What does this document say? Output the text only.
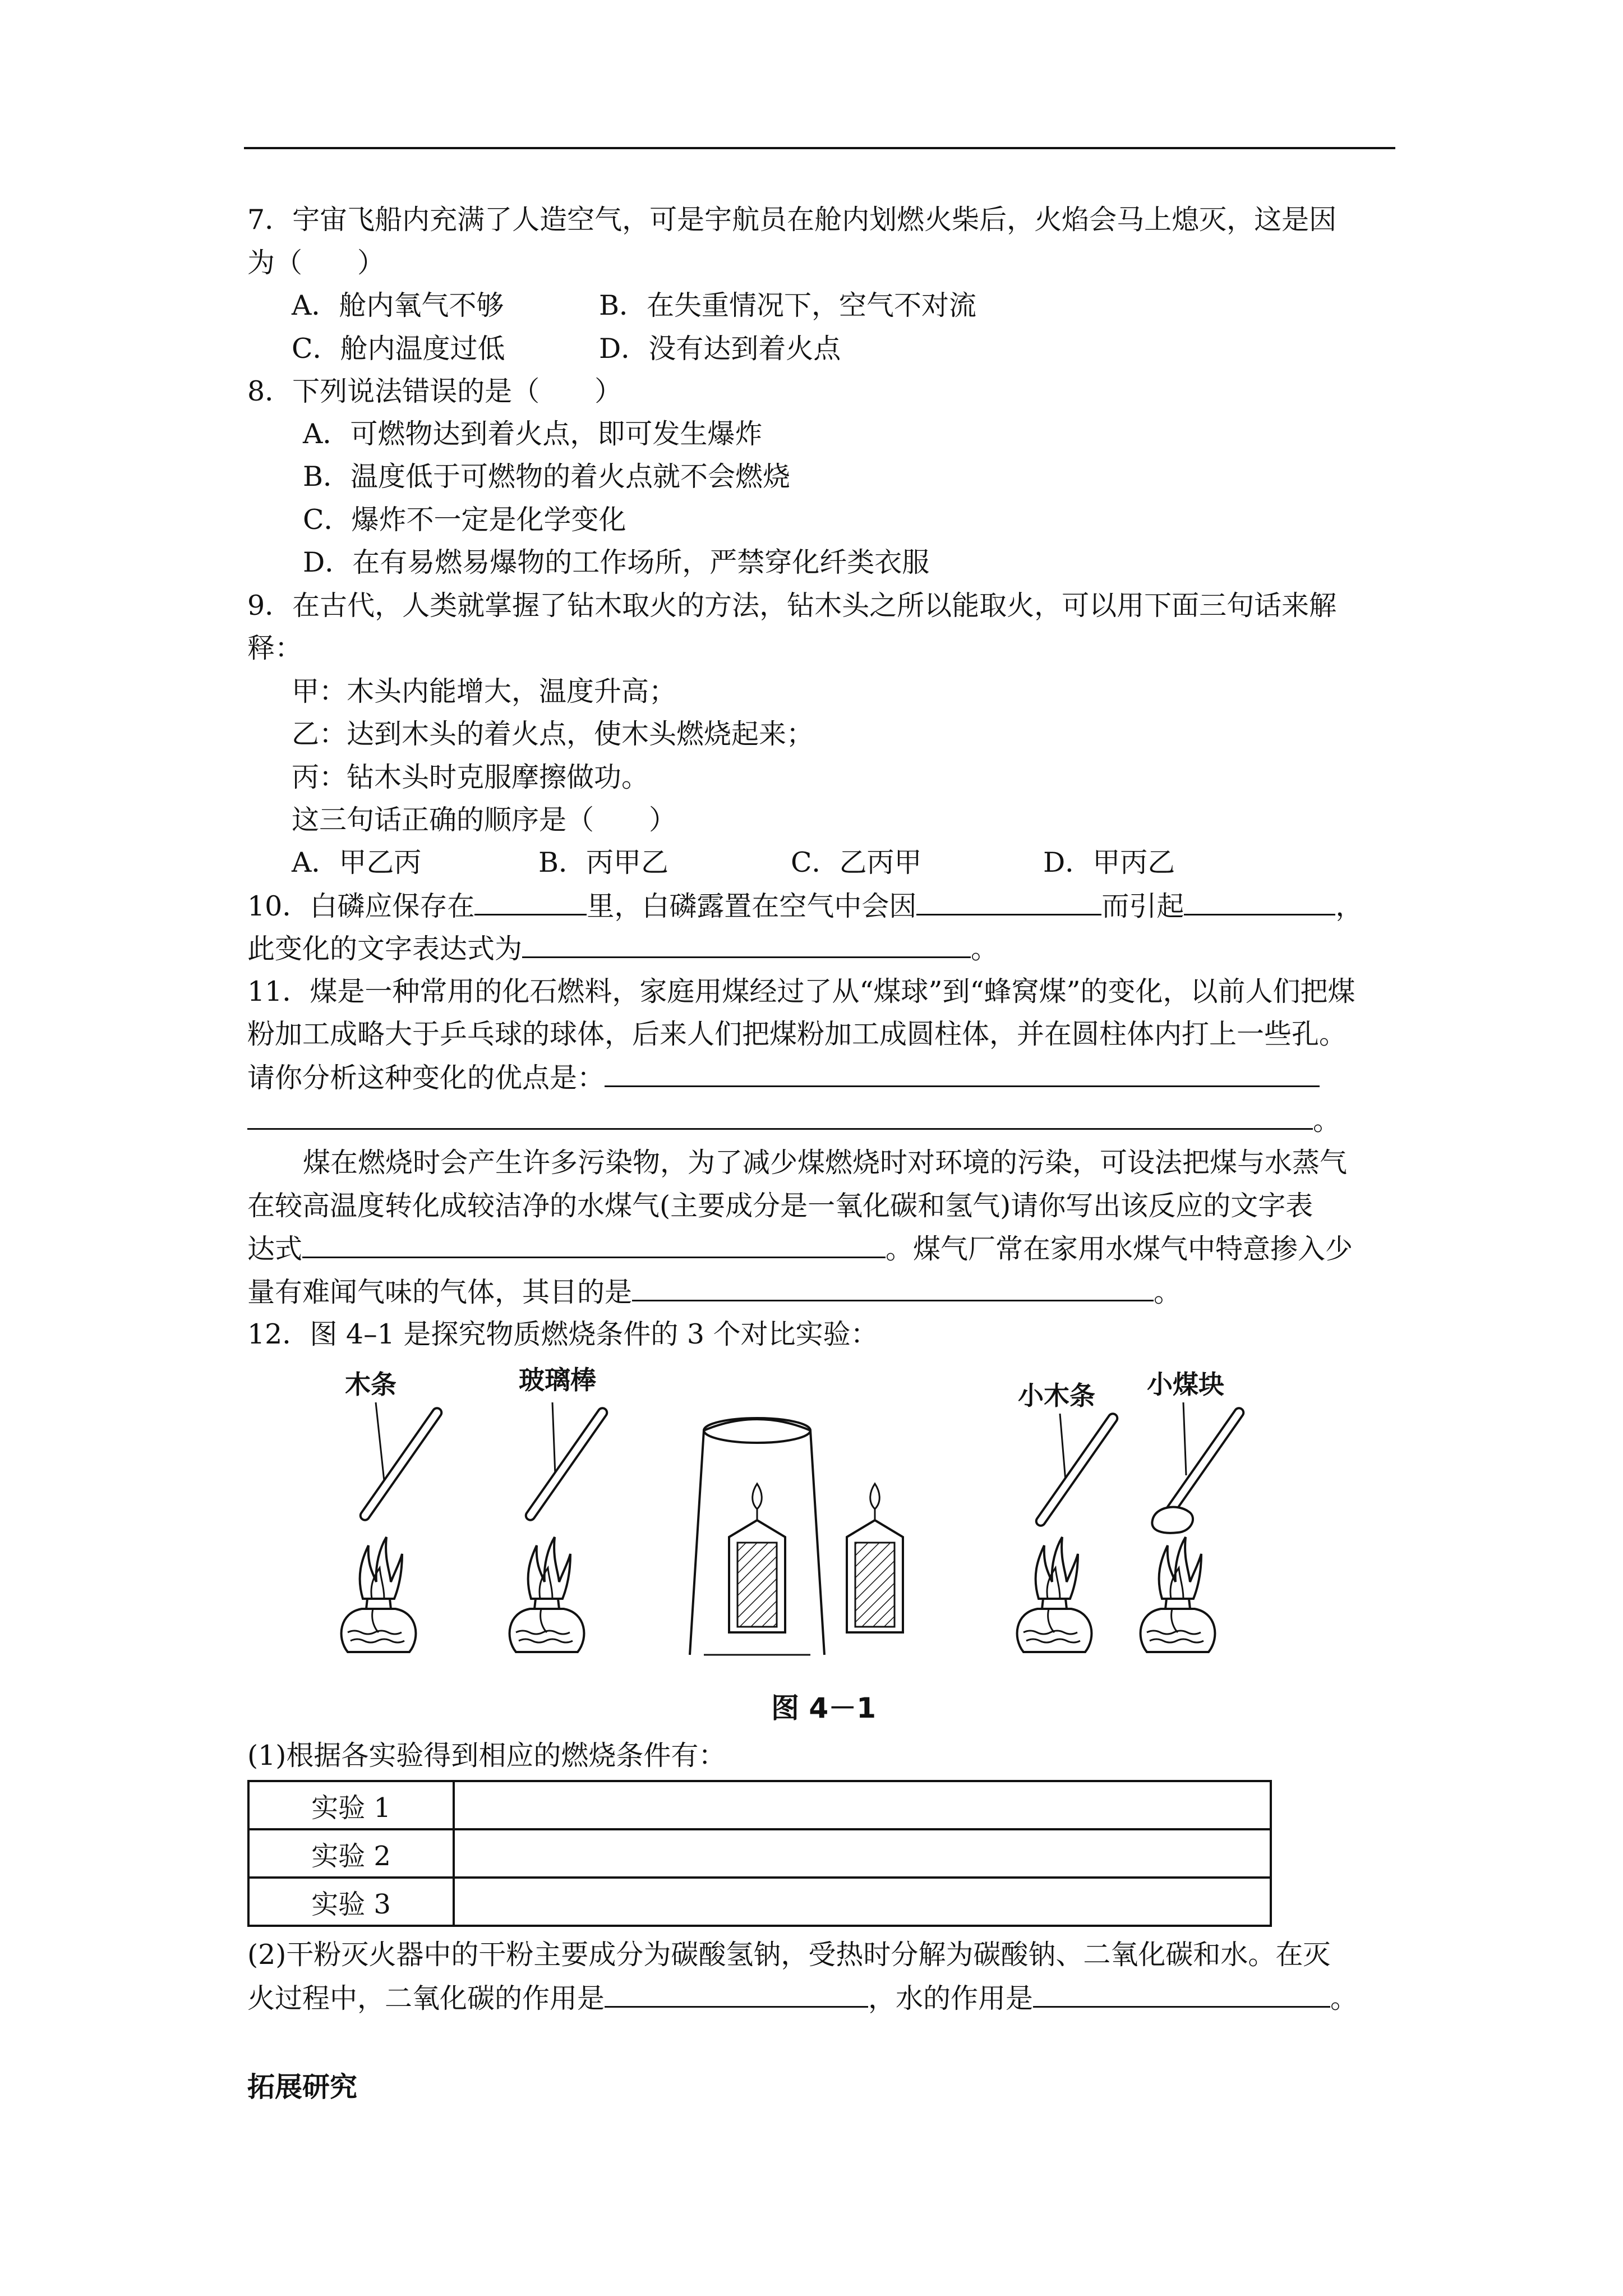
7．宇宙飞船内充满了人造空气，可是宇航员在舱内划燃火柴后，火焰会马上熄灭，这是因
为（　　）
A．舱内氧气不够	B．在失重情况下，空气不对流
C．舱内温度过低	D．没有达到着火点
8．下列说法错误的是（　　）
A．可燃物达到着火点，即可发生爆炸
B．温度低于可燃物的着火点就不会燃烧
C．爆炸不一定是化学变化
D．在有易燃易爆物的工作场所，严禁穿化纤类衣服
9．在古代，人类就掌握了钻木取火的方法，钻木头之所以能取火，可以用下面三句话来解
释：
甲：木头内能增大，温度升高；
乙：达到木头的着火点，使木头燃烧起来；
丙：钻木头时克服摩擦做功。
这三句话正确的顺序是（　　）
A．甲乙丙	B．丙甲乙	C．乙丙甲	D．甲丙乙
10．白磷应保存在	里，白磷露置在空气中会因	而引起	，
此变化的文字表达式为	。
11．煤是一种常用的化石燃料，家庭用煤经过了从“煤球”到“蜂窝煤”的变化，以前人们把煤
粉加工成略大于乒乓球的球体，后来人们把煤粉加工成圆柱体，并在圆柱体内打上一些孔。
请你分析这种变化的优点是：
。
煤在燃烧时会产生许多污染物，为了减少煤燃烧时对环境的污染，可设法把煤与水蒸气
在较高温度转化成较洁净的水煤气(主要成分是一氧化碳和氢气)请你写出该反应的文字表
达式	。煤气厂常在家用水煤气中特意掺入少
量有难闻气味的气体，其目的是	。
12．图 4–1 是探究物质燃烧条件的 3 个对比实验：
木条	玻璃棒
小木条 小煤块
图 4－1
(1)根据各实验得到相应的燃烧条件有：
实验 1	
实验 2	
实验 3	
(2)干粉灭火器中的干粉主要成分为碳酸氢钠，受热时分解为碳酸钠、二氧化碳和水。在灭
火过程中，二氧化碳的作用是	，水的作用是	。
拓展研究
